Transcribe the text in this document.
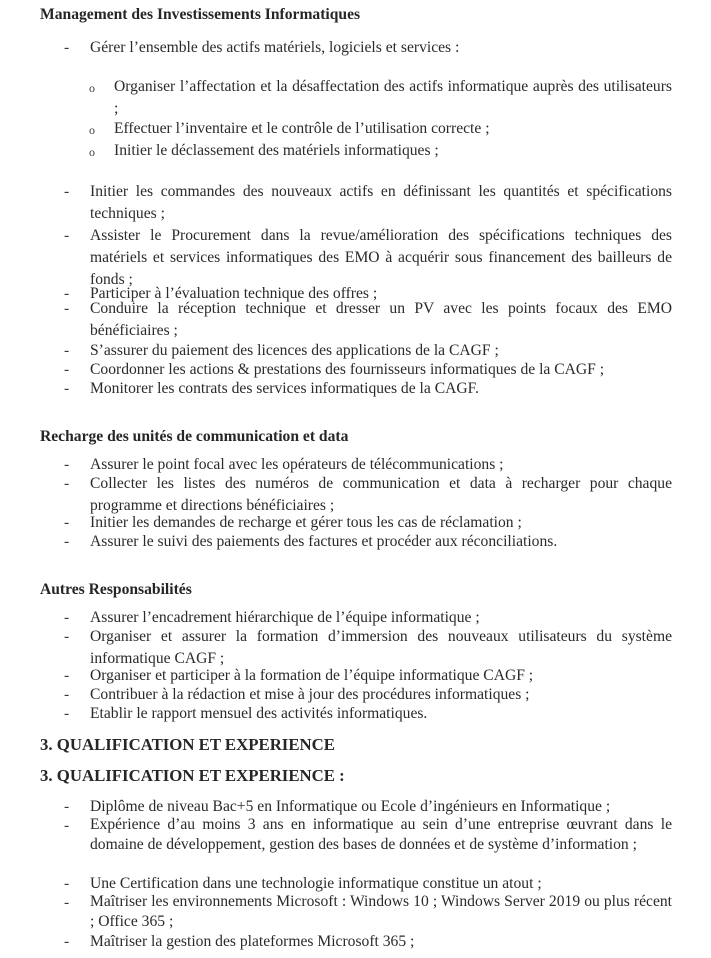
Management des Investissements Informatiques
- Gérer l’ensemble des actifs matériels, logiciels et services :
o Organiser l’affectation et la désaffectation des actifs informatique auprès des utilisateurs ;
o Effectuer l’inventaire et le contrôle de l’utilisation correcte ;
o Initier le déclassement des matériels informatiques ;
- Initier les commandes des nouveaux actifs en définissant les quantités et spécifications techniques ;
- Assister le Procurement dans la revue/amélioration des spécifications techniques des matériels et services informatiques des EMO à acquérir sous financement des bailleurs de fonds ;
- Participer à l’évaluation technique des offres ;
- Conduire la réception technique et dresser un PV avec les points focaux des EMO bénéficiaires ;
- S’assurer du paiement des licences des applications de la CAGF ;
- Coordonner les actions & prestations des fournisseurs informatiques de la CAGF ;
- Monitorer les contrats des services informatiques de la CAGF.
Recharge des unités de communication et data
- Assurer le point focal avec les opérateurs de télécommunications ;
- Collecter les listes des numéros de communication et data à recharger pour chaque programme et directions bénéficiaires ;
- Initier les demandes de recharge et gérer tous les cas de réclamation ;
- Assurer le suivi des paiements des factures et procéder aux réconciliations.
Autres Responsabilités
- Assurer l’encadrement hiérarchique de l’équipe informatique ;
- Organiser et assurer la formation d’immersion des nouveaux utilisateurs du système informatique CAGF ;
- Organiser et participer à la formation de l’équipe informatique CAGF ;
- Contribuer à la rédaction et mise à jour des procédures informatiques ;
- Etablir le rapport mensuel des activités informatiques.
3. QUALIFICATION ET EXPERIENCE
3. QUALIFICATION ET EXPERIENCE :
- Diplôme de niveau Bac+5 en Informatique ou Ecole d’ingénieurs en Informatique ;
- Expérience d’au moins 3 ans en informatique au sein d’une entreprise œuvrant dans le domaine de développement, gestion des bases de données et de système d’information ;
- Une Certification dans une technologie informatique constitue un atout ;
- Maîtriser les environnements Microsoft : Windows 10 ; Windows Server 2019 ou plus récent ; Office 365 ;
- Maîtriser la gestion des plateformes Microsoft 365 ;
